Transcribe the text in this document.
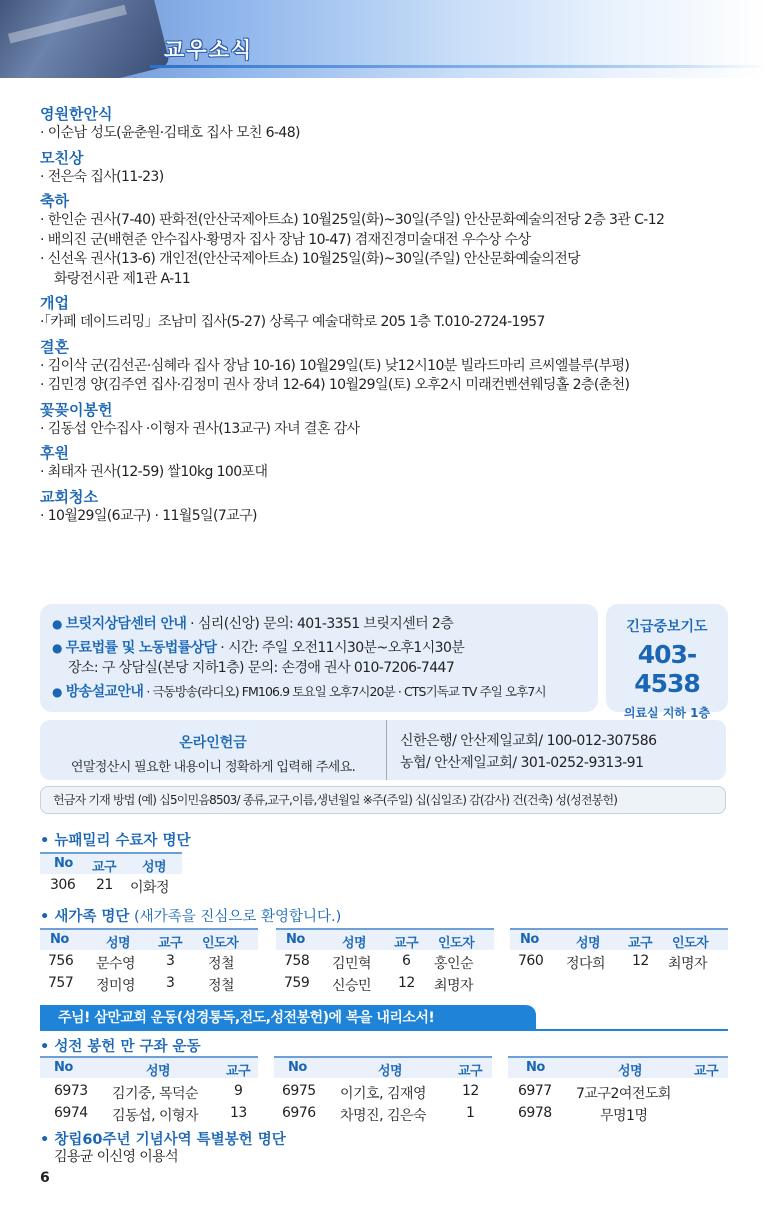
교우소식
영원한안식
· 이순남 성도(윤춘원·김태호 집사 모친 6-48)
모친상
· 전은숙 집사(11-23)
축하
· 한인순 권사(7-40) 판화전(안산국제아트쇼) 10월25일(화)~30일(주일) 안산문화예술의전당 2층 3관 C-12
· 배의진 군(배현준 안수집사·황명자 집사 장남 10-47) 겸재진경미술대전 우수상 수상
· 신선옥 권사(13-6) 개인전(안산국제아트쇼) 10월25일(화)~30일(주일) 안산문화예술의전당
화랑전시관 제1관 A-11
개업
·「카페 데이드리밍」조남미 집사(5-27) 상록구 예술대학로 205 1층 T.010-2724-1957
결혼
· 김이삭 군(김선곤·심혜라 집사 장남 10-16) 10월29일(토) 낮12시10분 빌라드마리 르씨엘블루(부평)
· 김민경 양(김주연 집사·김정미 권사 장녀 12-64) 10월29일(토) 오후2시 미래컨벤션웨딩홀 2층(춘천)
꽃꽂이봉헌
· 김동섭 안수집사 ·이형자 권사(13교구) 자녀 결혼 감사
후원
· 최태자 권사(12-59) 쌀10kg 100포대
교회청소
· 10월29일(6교구) · 11월5일(7교구)
● 브릿지상담센터 안내 · 심리(신앙) 문의: 401-3351 브릿지센터 2층
● 무료법률 및 노동법률상담 · 시간: 주일 오전11시30분~오후1시30분
장소: 구 상담실(본당 지하1층) 문의: 손경애 권사 010-7206-7447
● 방송설교안내 · 극동방송(라디오) FM106.9 토요일 오후7시20분 · CTS기독교 TV 주일 오후7시
긴급중보기도
403-4538
의료실 지하 1층
온라인헌금
연말정산시 필요한 내용이니 정확하게 입력해 주세요.
신한은행/ 안산제일교회/ 100-012-307586
농협/ 안산제일교회/ 301-0252-9313-91
헌금자 기재 방법 (예) 십5이민음8503/ 종류,교구,이름,생년월일 ※주(주일) 십(십일조) 감(감사) 건(건축) 성(성전봉헌)
• 뉴패밀리 수료자 명단
No 교구 성명
306 21 이화정
• 새가족 명단 (새가족을 진심으로 환영합니다.)
No	성명 교구 인도자
756 문수영 3 정철
757 정미영 3 정철
No	성명 교구 인도자
758 김민혁 6 홍인순
759 신승민 12 최명자
No	성명 교구 인도자
760 정다희 12 최명자
주님! 삼만교회 운동(성경통독,전도,성전봉헌)에 복을 내리소서!
• 성전 봉헌 만 구좌 운동
No	성명	교구
6973 김기중, 목덕순	9
6974 김동섭, 이형자 13
No	성명	교구
6975 이기호, 김재영	12
6976 차명진, 김은숙	1
No	성명	교구
6977 7교구2여전도회
6978	무명1명
• 창립60주년 기념사역 특별봉헌 명단
김용균 이신영 이용석
6
